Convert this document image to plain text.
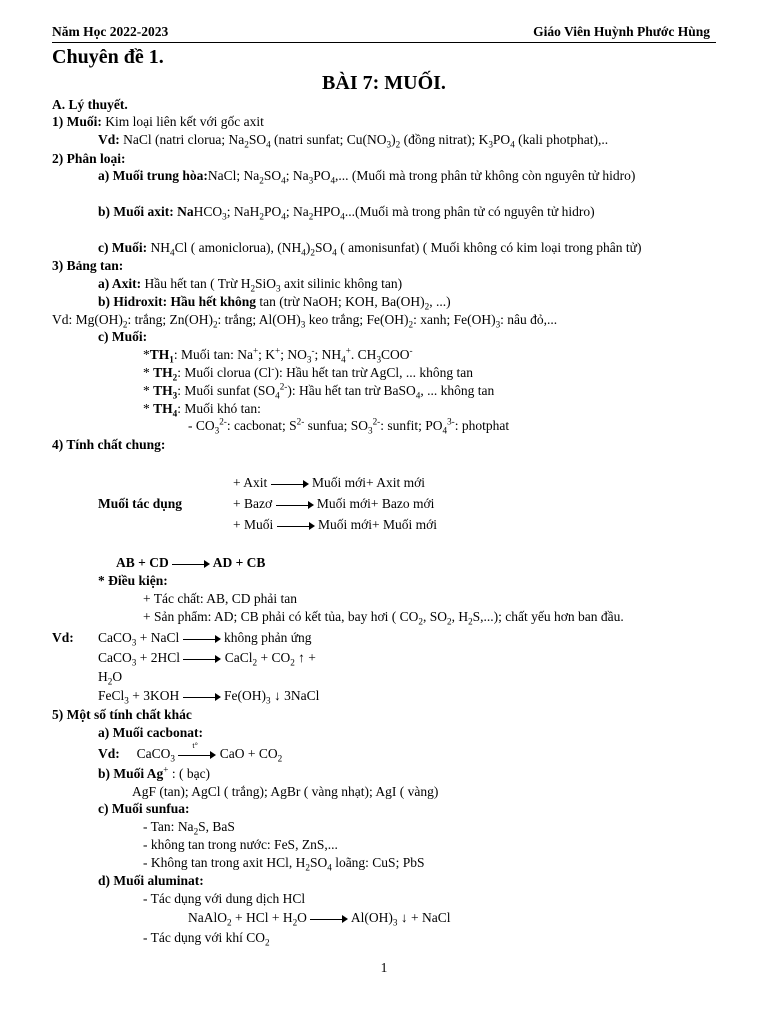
Năm Học 2022-2023	Giáo Viên Huỳnh Phước Hùng
Chuyên đề 1.
BÀI 7: MUỐI.
A. Lý thuyết.
1) Muối: Kim loại liên kết với gốc axit
Vd: NaCl (natri clorua; $Na_2SO_4$ (natri sunfat; $Cu(NO_3)_2$ (đồng nitrat); $K_3PO_4$ (kali photphat),..
2) Phân loại:
a) Muối trung hòa:NaCl; $Na_2SO_4$; $Na_3PO_4$,... (Muối mà trong phân tử không còn nguyên tử hidro)
b) Muối axit: NaHCO$_3$; $NaH_2PO_4$; $Na_2HPO_4...(Muối$ mà trong phân tử có nguyên tử hidro)
c) Muối: $NH_4Cl$ ( amoniclorua), $(NH_4)_2SO_4$ ( amonisunfat) ( Muối không có kim loại trong phân tử)
3) Bảng tan:
a) Axit: Hầu hết tan ( Trừ $H_2SiO_3$ axit silinic không tan)
b) Hidroxit: Hầu hết không tan (trừ NaOH; KOH, $Ba(OH)_2$, ...)
Vd: $Mg(OH)_2$: trắng; $Zn(OH)_2$: trắng; $Al(OH)_3$ keo trắng; $Fe(OH)_2$: xanh; $Fe(OH)_3$: nâu đỏ,...
c) Muối:
$*TH_1$: Muối tan: Na+; K+; $NO_3^-$; $NH_4^+$. $CH_3COO^-$
* $TH_2$: Muối clorua (Cl-): Hầu hết tan trừ AgCl, ... không tan
* $TH_3$: Muối sunfat $(SO_4^{2-})$: Hầu hết tan trừ BaSO$_4$, ... không tan
* $TH_4$: Muối khó tan:
- $CO_3^{2-}$: cacbonat; $S^{2-}$ sunfua; $SO_3^{2-}$: sunfit; $PO_4^{3-}$: photphat
4) Tính chất chung:
+ Axit	Muối mới+ Axit mới
Muối tác dụng	+ Bazơ	Muối mới+ Bazo mới
+ Muối	Muối mới+ Muối mới
AB + CD	AD + CB
* Điều kiện:
+ Tác chất: AB, CD phải tan
+ Sản phẩm: AD; CB phải có kết tủa, bay hơi ( $CO_2$, $SO_2$, $H_2S$,...); chất yếu hơn ban đầu.
Vd: CaCO$_3$ + NaCl	không phản ứng
CaCO$_3$ + 2HCl	CaCl$_2$ + $CO_2$ ↑ +
$H_2O$
FeCl$_3$ + 3KOH	$Fe(OH)_3$ ↓ 3NaCl
5) Một số tính chất khác
a) Muối cacbonat:
Vd:     CaCO$_3$
t°
CaO + $CO_2$
b) Muối Ag+ : ( bạc)
AgF (tan); AgCl ( trắng); AgBr ( vàng nhạt); AgI ( vàng)
c) Muối sunfua:
- Tan: $Na_2S$, BaS
- không tan trong nước: FeS, ZnS,...
- Không tan trong axit HCl, $H_2SO_4$ loãng: CuS; PbS
d) Muối aluminat:
- Tác dụng với dung dịch HCl
NaAlO$_2$ + HCl + $H_2O$	$Al(OH)_3$ ↓ + NaCl
- Tác dụng với khí $CO_2$
1
